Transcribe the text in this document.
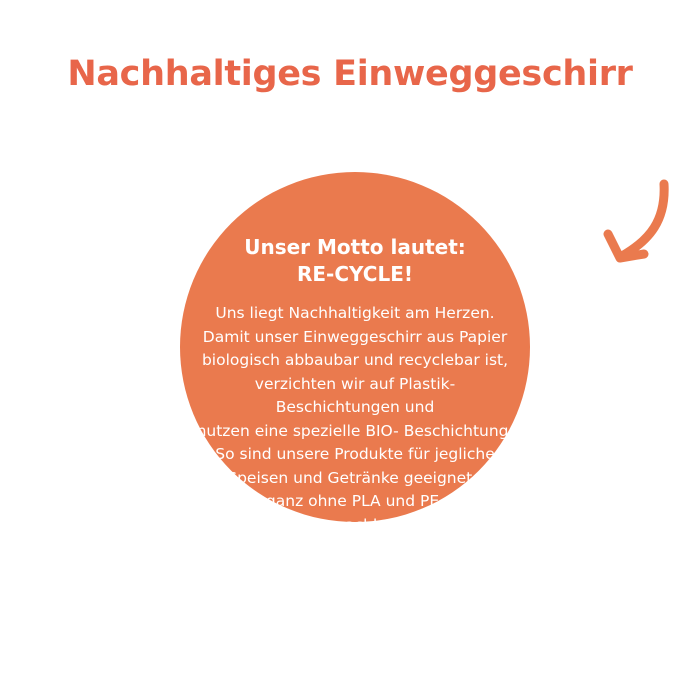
Nachhaltiges Einweggeschirr
Unser Motto lautet:
RE-CYCLE!
Uns liegt Nachhaltigkeit am Herzen.
Damit unser Einweggeschirr aus Papier
biologisch abbaubar und recyclebar ist,
verzichten wir auf Plastik- Beschichtungen und
nutzen eine spezielle BIO- Beschichtung.
So sind unsere Produkte für jegliche
Speisen und Getränke geeignet -
ganz ohne PLA und PE.
Für eine nachhaltigere
Kreislaufwirtschaft!
